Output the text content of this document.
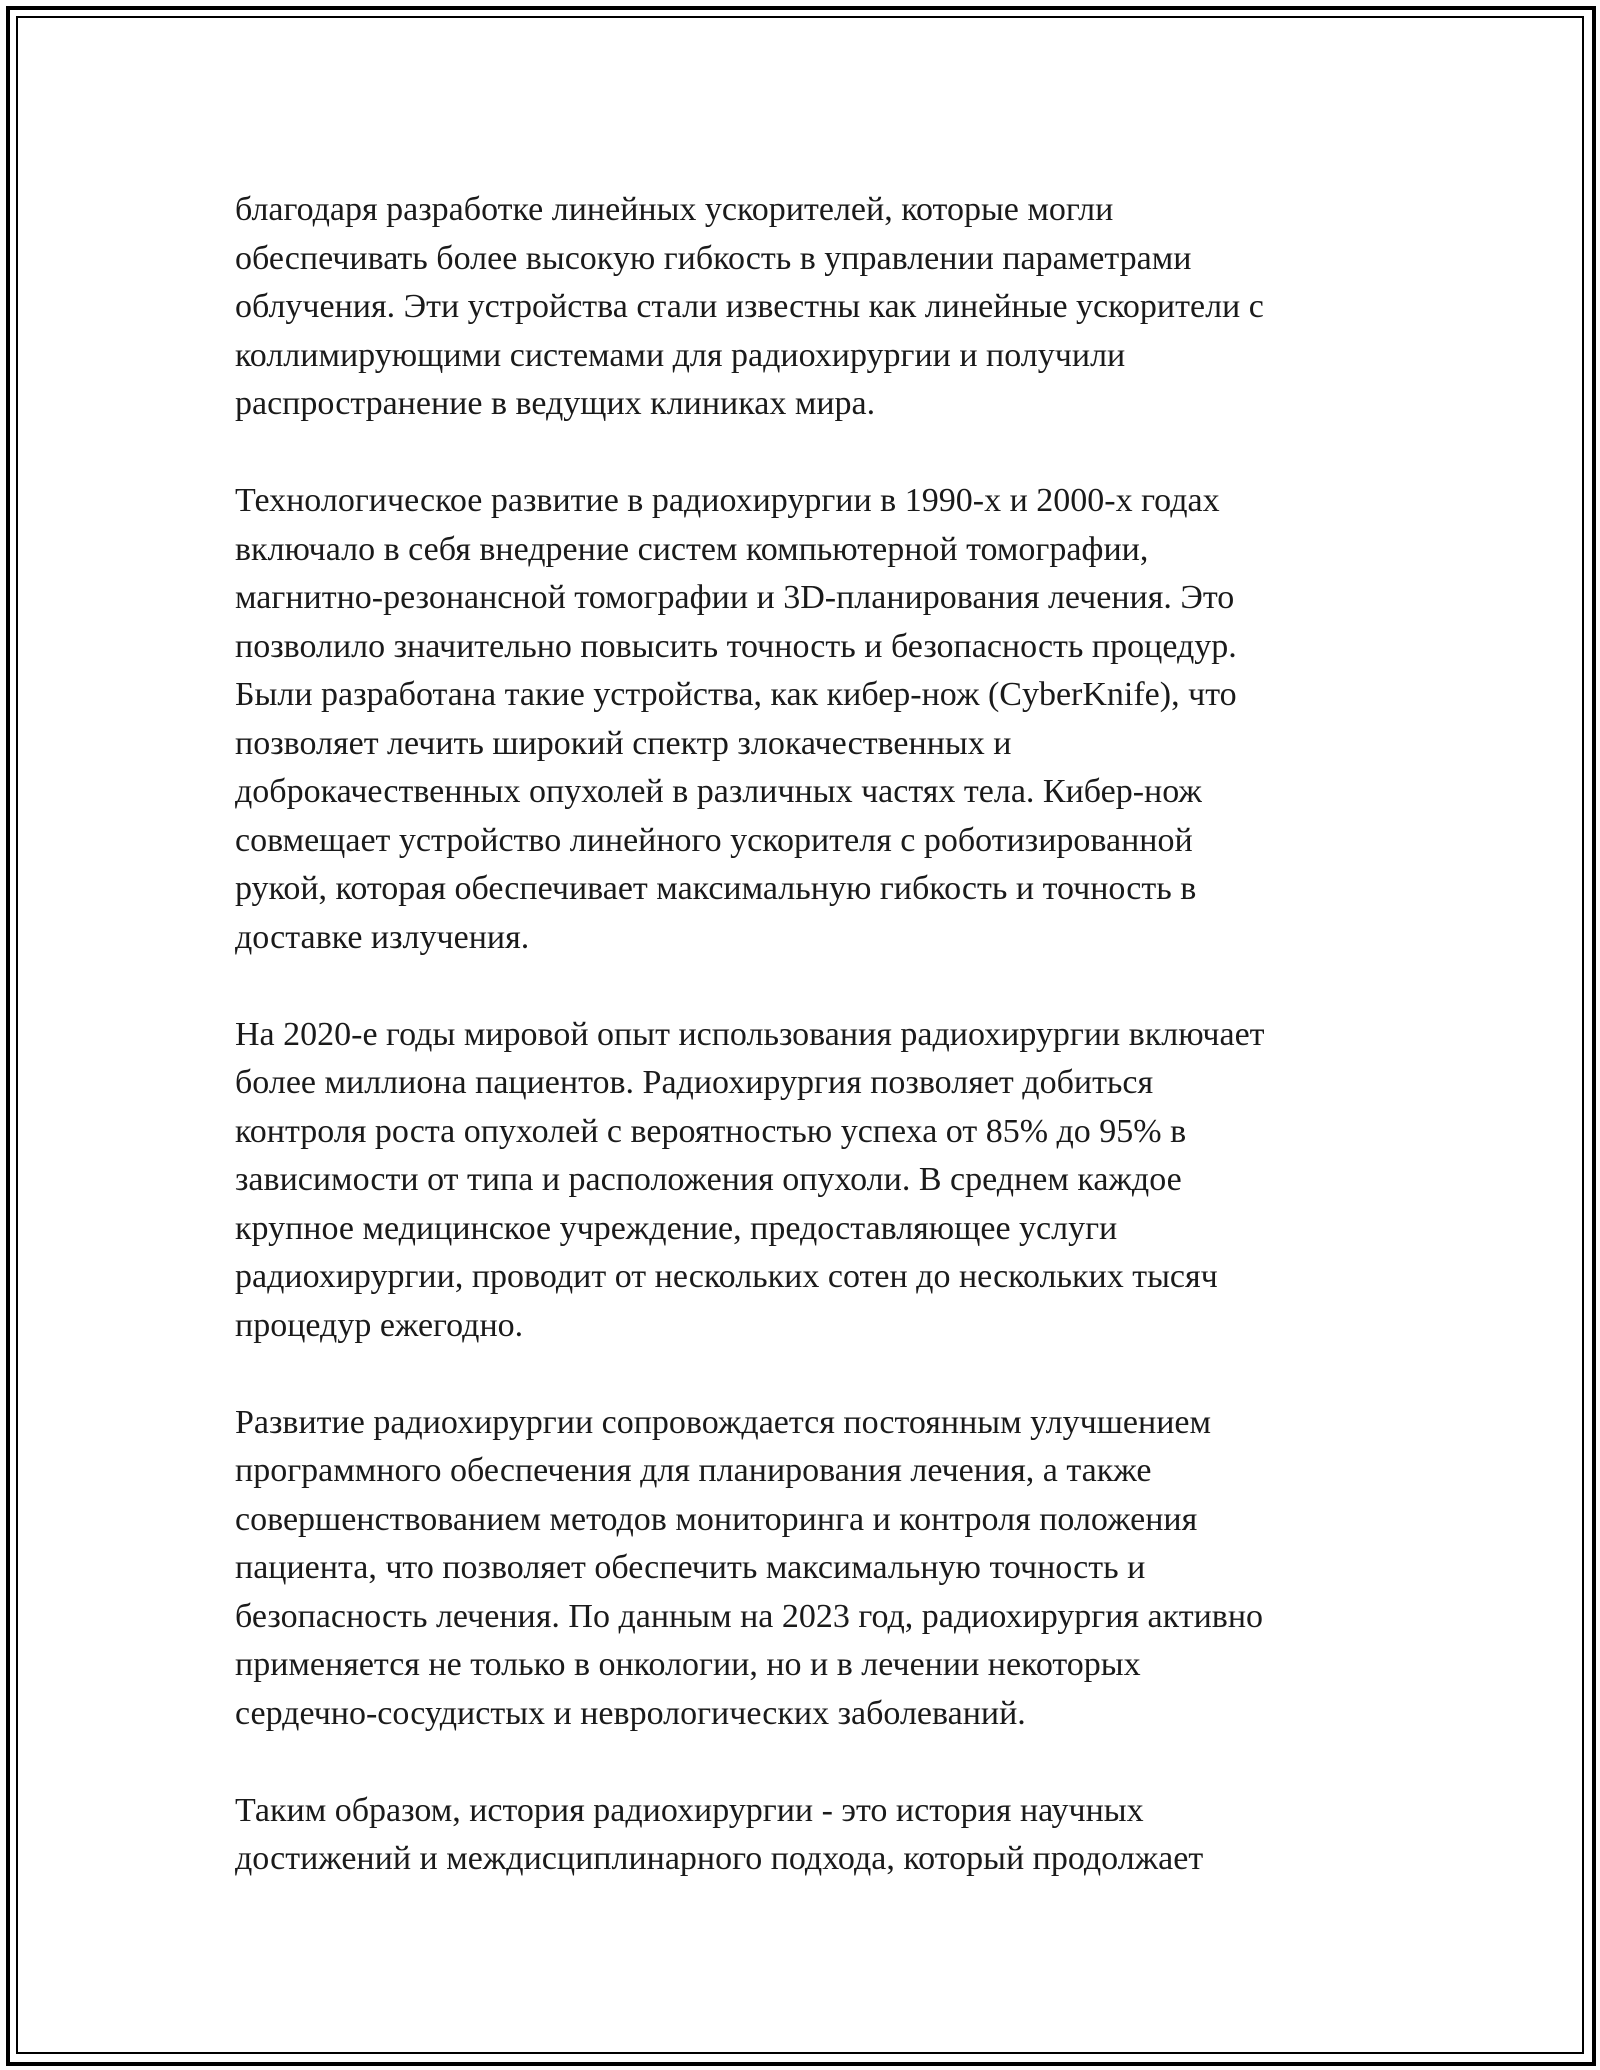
благодаря разработке линейных ускорителей, которые могли
обеспечивать более высокую гибкость в управлении параметрами
облучения. Эти устройства стали известны как линейные ускорители с
коллимирующими системами для радиохирургии и получили
распространение в ведущих клиниках мира.
Технологическое развитие в радиохирургии в 1990-х и 2000-х годах
включало в себя внедрение систем компьютерной томографии,
магнитно-резонансной томографии и 3D-планирования лечения. Это
позволило значительно повысить точность и безопасность процедур.
Были разработана такие устройства, как кибер-нож (CyberKnife), что
позволяет лечить широкий спектр злокачественных и
доброкачественных опухолей в различных частях тела. Кибер-нож
совмещает устройство линейного ускорителя с роботизированной
рукой, которая обеспечивает максимальную гибкость и точность в
доставке излучения.
На 2020-е годы мировой опыт использования радиохирургии включает
более миллиона пациентов. Радиохирургия позволяет добиться
контроля роста опухолей с вероятностью успеха от 85% до 95% в
зависимости от типа и расположения опухоли. В среднем каждое
крупное медицинское учреждение, предоставляющее услуги
радиохирургии, проводит от нескольких сотен до нескольких тысяч
процедур ежегодно.
Развитие радиохирургии сопровождается постоянным улучшением
программного обеспечения для планирования лечения, а также
совершенствованием методов мониторинга и контроля положения
пациента, что позволяет обеспечить максимальную точность и
безопасность лечения. По данным на 2023 год, радиохирургия активно
применяется не только в онкологии, но и в лечении некоторых
сердечно-сосудистых и неврологических заболеваний.
Таким образом, история радиохирургии - это история научных
достижений и междисциплинарного подхода, который продолжает
